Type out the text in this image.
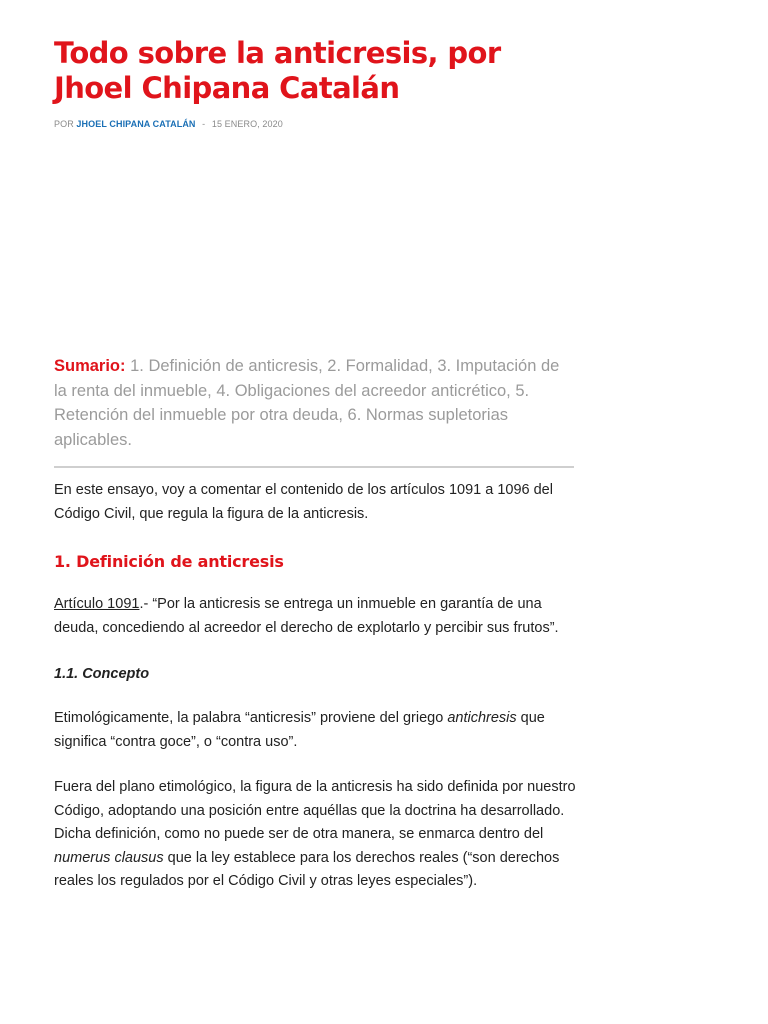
Todo sobre la anticresis, por Jhoel Chipana Catalán
POR JHOEL CHIPANA CATALÁN - 15 ENERO, 2020

Sumario: 1. Definición de anticresis, 2. Formalidad, 3. Imputación de la renta del inmueble, 4. Obligaciones del acreedor anticrético, 5. Retención del inmueble por otra deuda, 6. Normas supletorias aplicables.

En este ensayo, voy a comentar el contenido de los artículos 1091 a 1096 del Código Civil, que regula la figura de la anticresis.

1. Definición de anticresis

Artículo 1091.- “Por la anticresis se entrega un inmueble en garantía de una deuda, concediendo al acreedor el derecho de explotarlo y percibir sus frutos”.

1.1. Concepto

Etimológicamente, la palabra “anticresis” proviene del griego antichresis que significa “contra goce”, o “contra uso”.

Fuera del plano etimológico, la figura de la anticresis ha sido definida por nuestro Código, adoptando una posición entre aquéllas que la doctrina ha desarrollado. Dicha definición, como no puede ser de otra manera, se enmarca dentro del numerus clausus que la ley establece para los derechos reales (“son derechos reales los regulados por el Código Civil y otras leyes especiales”).
